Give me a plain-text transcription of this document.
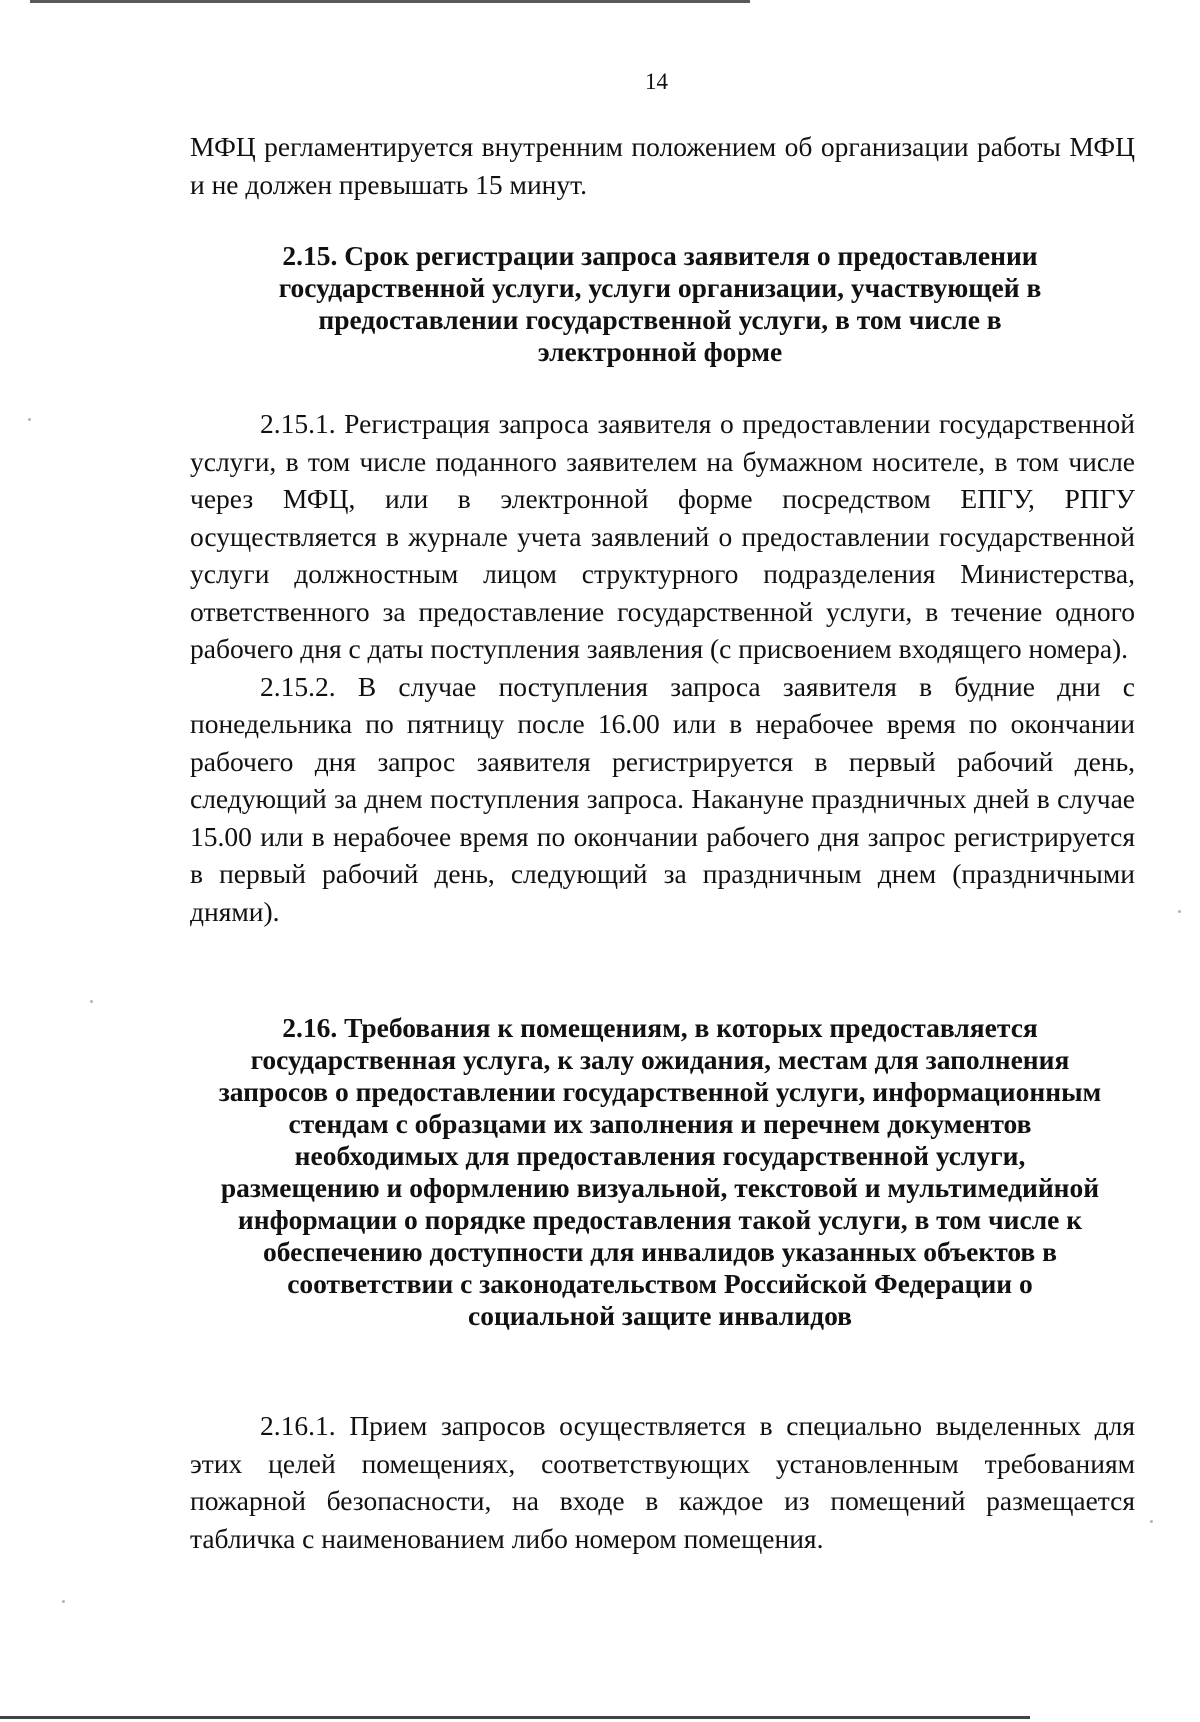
14

МФЦ регламентируется внутренним положением об организации работы МФЦ и не должен превышать 15 минут.

2.15. Срок регистрации запроса заявителя о предоставлении государственной услуги, услуги организации, участвующей в предоставлении государственной услуги, в том числе в электронной форме

2.15.1. Регистрация запроса заявителя о предоставлении государственной услуги, в том числе поданного заявителем на бумажном носителе, в том числе через МФЦ, или в электронной форме посредством ЕПГУ, РПГУ осуществляется в журнале учета заявлений о предоставлении государственной услуги должностным лицом структурного подразделения Министерства, ответственного за предоставление государственной услуги, в течение одного рабочего дня с даты поступления заявления (с присвоением входящего номера).

2.15.2. В случае поступления запроса заявителя в будние дни с понедельника по пятницу после 16.00 или в нерабочее время по окончании рабочего дня запрос заявителя регистрируется в первый рабочий день, следующий за днем поступления запроса. Накануне праздничных дней в случае 15.00 или в нерабочее время по окончании рабочего дня запрос регистрируется в первый рабочий день, следующий за праздничным днем (праздничными днями).

2.16. Требования к помещениям, в которых предоставляется государственная услуга, к залу ожидания, местам для заполнения запросов о предоставлении государственной услуги, информационным стендам с образцами их заполнения и перечнем документов необходимых для предоставления государственной услуги, размещению и оформлению визуальной, текстовой и мультимедийной информации о порядке предоставления такой услуги, в том числе к обеспечению доступности для инвалидов указанных объектов в соответствии с законодательством Российской Федерации о социальной защите инвалидов

2.16.1. Прием запросов осуществляется в специально выделенных для этих целей помещениях, соответствующих установленным требованиям пожарной безопасности, на входе в каждое из помещений размещается табличка с наименованием либо номером помещения.
